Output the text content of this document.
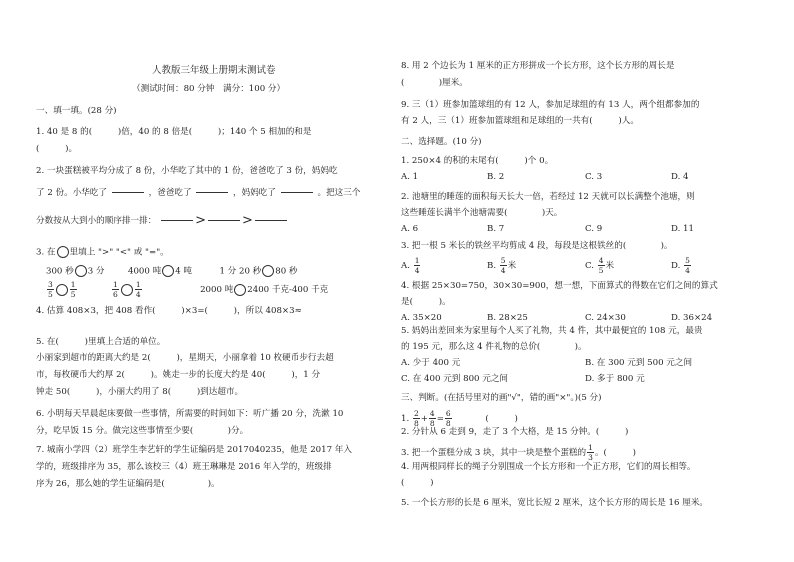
人教版三年级上册期末测试卷
（测试时间：80 分钟　满分：100 分）
一、填一填。(28 分)
1. 40 是 8 的(　　　)倍，40 的 8 倍是(　　　)；140 个 5 相加的和是
(　　　)。
2. 一块蛋糕被平均分成了 8 份，小华吃了其中的 1 份，爸爸吃了 3 份，妈妈吃
了 2 份。小华吃了	，爸爸吃了	，妈妈吃了	。把这三个
分数按从大到小的顺序排一排：	>	>
3. 在 里填上 ">" "<" 或 "="。
300 秒 3 分	4000 吨 4 吨	1 分 20 秒 80 秒
$\frac{3}{5} \frac{1}{5}$
	$\frac{1}{6} \frac{1}{4}$	2000 吨 2400 千克-400 千克
4. 估算 408×3，把 408 看作(　　　)×3=(　　　)，所以 408×3≈
5. 在(　　　)里填上合适的单位。
小丽家到超市的距离大约是 2(　　　)，星期天，小丽拿着 10 枚硬币步行去超
市，每枚硬币大约厚 2(　　　)。姚走一步的长度大约是 40(　　　)，1 分
钟走 50(　　　)，小丽大约用了 8(　　　)到达超市。
6. 小明每天早晨起床要做一些事情，所需要的时间如下：听广播 20 分，洗漱 10
分，吃早饭 15 分。做完这些事情至少要(　　　　)分。
7. 城南小学四（2）班学生李艺轩的学生证编码是 2017040235，他是 2017 年入
学的，班级排序为 35，那么该校三（4）班王琳琳是 2016 年入学的，班级排
序为 26，那么她的学生证编码是(　　　　　)。
8. 用 2 个边长为 1 厘米的正方形拼成一个长方形，这个长方形的周长是
(　　　　)厘米。
9. 三（1）班参加篮球组的有 12 人，参加足球组的有 13 人，两个组都参加的
有 2 人，三（1）班参加篮球组和足球组的一共有(　　　)人。
二、选择题。(10 分)
1. 250×4 的积的末尾有(　　　)个 0。
A. 1	B. 2	C. 3	D. 4
2. 池塘里的睡莲的面积每天长大一倍，若经过 12 天就可以长满整个池塘，则
这些睡莲长满半个池塘需要(　　　　)天。
A. 6	B. 7	C. 9	D. 11
3. 把一根 5 米长的铁丝平均剪成 4 段，每段是这根铁丝的(　　　　)。
A. $\frac{1}{4}$	B. $\frac{5}{4}$ 米	C. $\frac{4}{5}$ 米	D. $\frac{5}{4}$
4. 根据 25×30=750，30×30=900，想一想，下面算式的得数在它们之间的算式
是(　　　)。
A. 35×20	B. 28×25	C. 24×30	D. 36×24
5. 妈妈出差回来为家里每个人买了礼物，共 4 件，其中最便宜的 108 元，最贵
的 195 元，那么这 4 件礼物的总价(　　　　)。
A. 少于 400 元	B. 在 300 元到 500 元之间
C. 在 400 元到 800 元之间	D. 多于 800 元
三、判断。(在括号里对的画"√"，错的画"×"。)(5 分)
1. $\frac{2}{8} + \frac{4}{8} = \frac{6}{8}$	(　　　)
2. 分针从 6 走到 9，走了 3 个大格，是 15 分钟。(　　　)
3. 把一个蛋糕分成 3 块，其中一块是整个蛋糕的 $\frac{1}{3}$ 。(　　　)
4. 用两根同样长的绳子分别围成一个长方形和一个正方形，它们的周长相等。
(　　　)
5. 一个长方形的长是 6 厘米，宽比长短 2 厘米，这个长方形的周长是 16 厘米。
